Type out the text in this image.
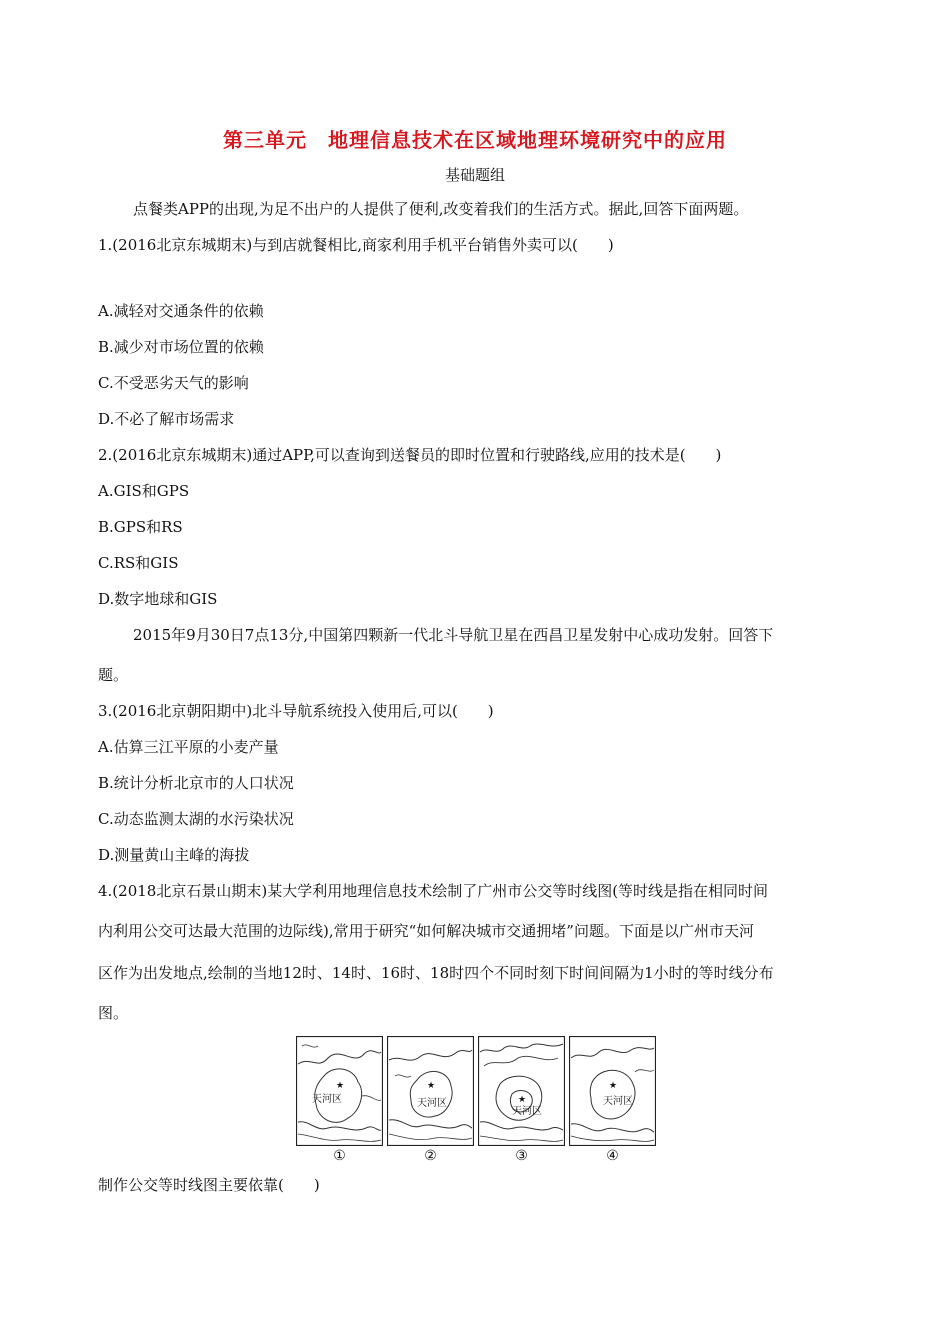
第三单元　地理信息技术在区域地理环境研究中的应用
基础题组
点餐类APP的出现,为足不出户的人提供了便利,改变着我们的生活方式。据此,回答下面两题。
1.(2016北京东城期末)与到店就餐相比,商家利用手机平台销售外卖可以(　　)
A.减轻对交通条件的依赖
B.减少对市场位置的依赖
C.不受恶劣天气的影响
D.不必了解市场需求
2.(2016北京东城期末)通过APP,可以查询到送餐员的即时位置和行驶路线,应用的技术是(　　)
A.GIS和GPS
B.GPS和RS
C.RS和GIS
D.数字地球和GIS
2015年9月30日7点13分,中国第四颗新一代北斗导航卫星在西昌卫星发射中心成功发射。回答下
题。
3.(2016北京朝阳期中)北斗导航系统投入使用后,可以(　　)
A.估算三江平原的小麦产量
B.统计分析北京市的人口状况
C.动态监测太湖的水污染状况
D.测量黄山主峰的海拔
4.(2018北京石景山期末)某大学利用地理信息技术绘制了广州市公交等时线图(等时线是指在相同时间
内利用公交可达最大范围的边际线),常用于研究“如何解决城市交通拥堵”问题。下面是以广州市天河
区作为出发地点,绘制的当地12时、14时、16时、18时四个不同时刻下时间间隔为1小时的等时线分布
图。
★
天河区
①
★
天河区
②
★
天河区
③
★
天河区
④
制作公交等时线图主要依靠(　　)
